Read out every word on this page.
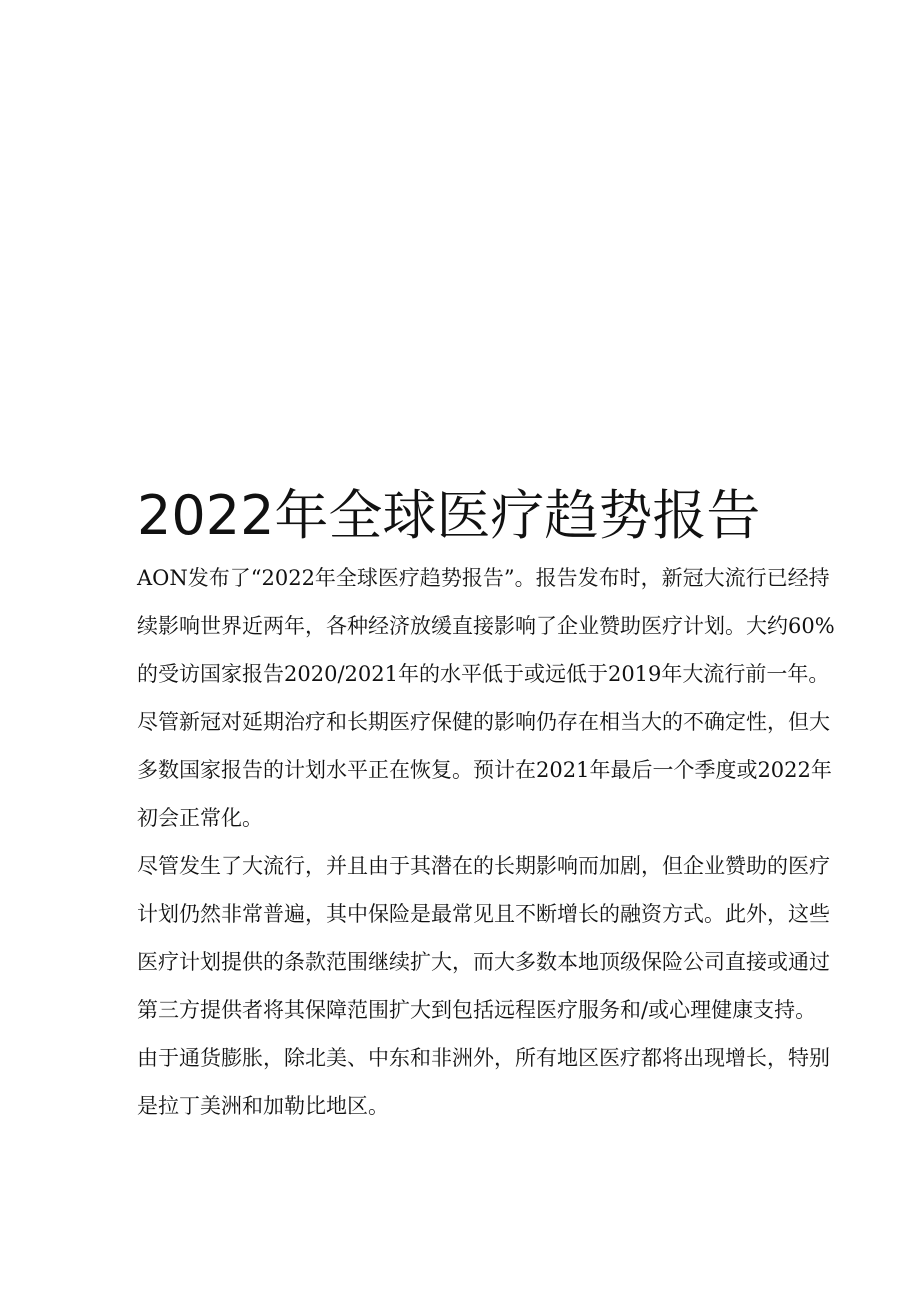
2022年全球医疗趋势报告

AON发布了“2022年全球医疗趋势报告”。报告发布时，新冠大流行已经持
续影响世界近两年，各种经济放缓直接影响了企业赞助医疗计划。大约60%
的受访国家报告2020/2021年的水平低于或远低于2019年大流行前一年。

尽管新冠对延期治疗和长期医疗保健的影响仍存在相当大的不确定性，但大
多数国家报告的计划水平正在恢复。预计在2021年最后一个季度或2022年
初会正常化。

尽管发生了大流行，并且由于其潜在的长期影响而加剧，但企业赞助的医疗
计划仍然非常普遍，其中保险是最常见且不断增长的融资方式。此外，这些
医疗计划提供的条款范围继续扩大，而大多数本地顶级保险公司直接或通过
第三方提供者将其保障范围扩大到包括远程医疗服务和/或心理健康支持。

由于通货膨胀，除北美、中东和非洲外，所有地区医疗都将出现增长，特别
是拉丁美洲和加勒比地区。
